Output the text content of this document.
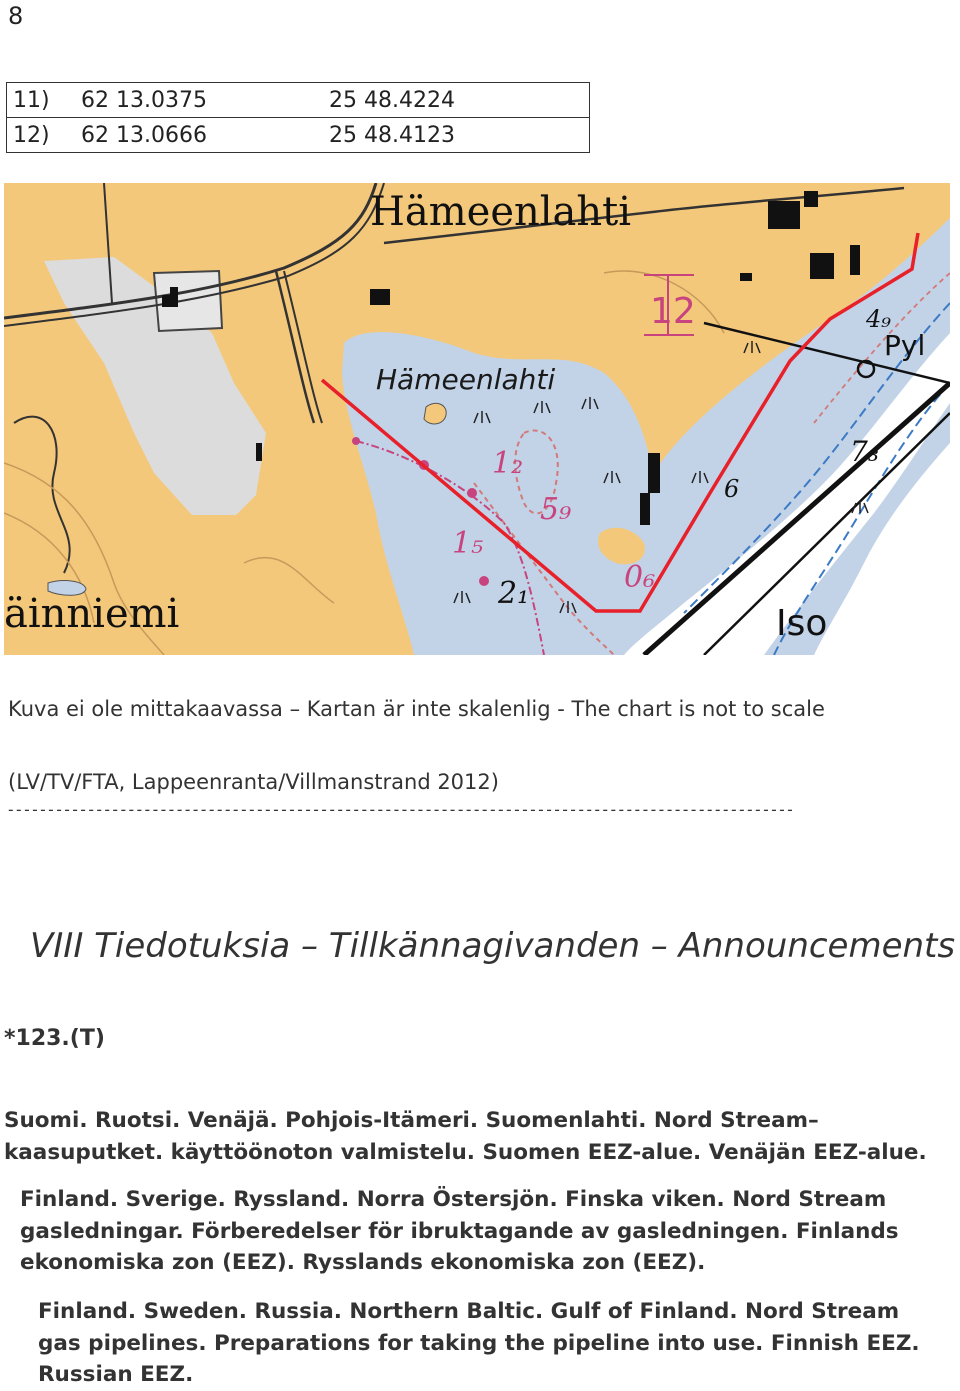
8
11)	62 13.0375	25 48.4224
12)	62 13.0666	25 48.4123
Hämeenlahti
Hämeenlahti
äinniemi	Iso
Pyl
12
1₂
5₉
1₅
2₁	0₆
6
4₉
7₃
Kuva ei ole mittakaavassa – Kartan är inte skalenlig - The chart is not to scale
(LV/TV/FTA, Lappeenranta/Villmanstrand 2012)
--------------------------------------------------------------------------------------------------
VIII Tiedotuksia – Tillkännagivanden – Announcements
*123.(T)

Suomi. Ruotsi. Venäjä. Pohjois-Itämeri. Suomenlahti. Nord Stream–kaasuputket. käyttöönoton valmistelu. Suomen EEZ-alue. Venäjän EEZ-alue.

Finland. Sverige. Ryssland. Norra Östersjön. Finska viken. Nord Stream gasledningar. Förberedelser för ibruktagande av gasledningen. Finlands ekonomiska zon (EEZ). Rysslands ekonomiska zon (EEZ).

Finland. Sweden. Russia. Northern Baltic. Gulf of Finland. Nord Stream gas pipelines. Preparations for taking the pipeline into use. Finnish EEZ. Russian EEZ.
